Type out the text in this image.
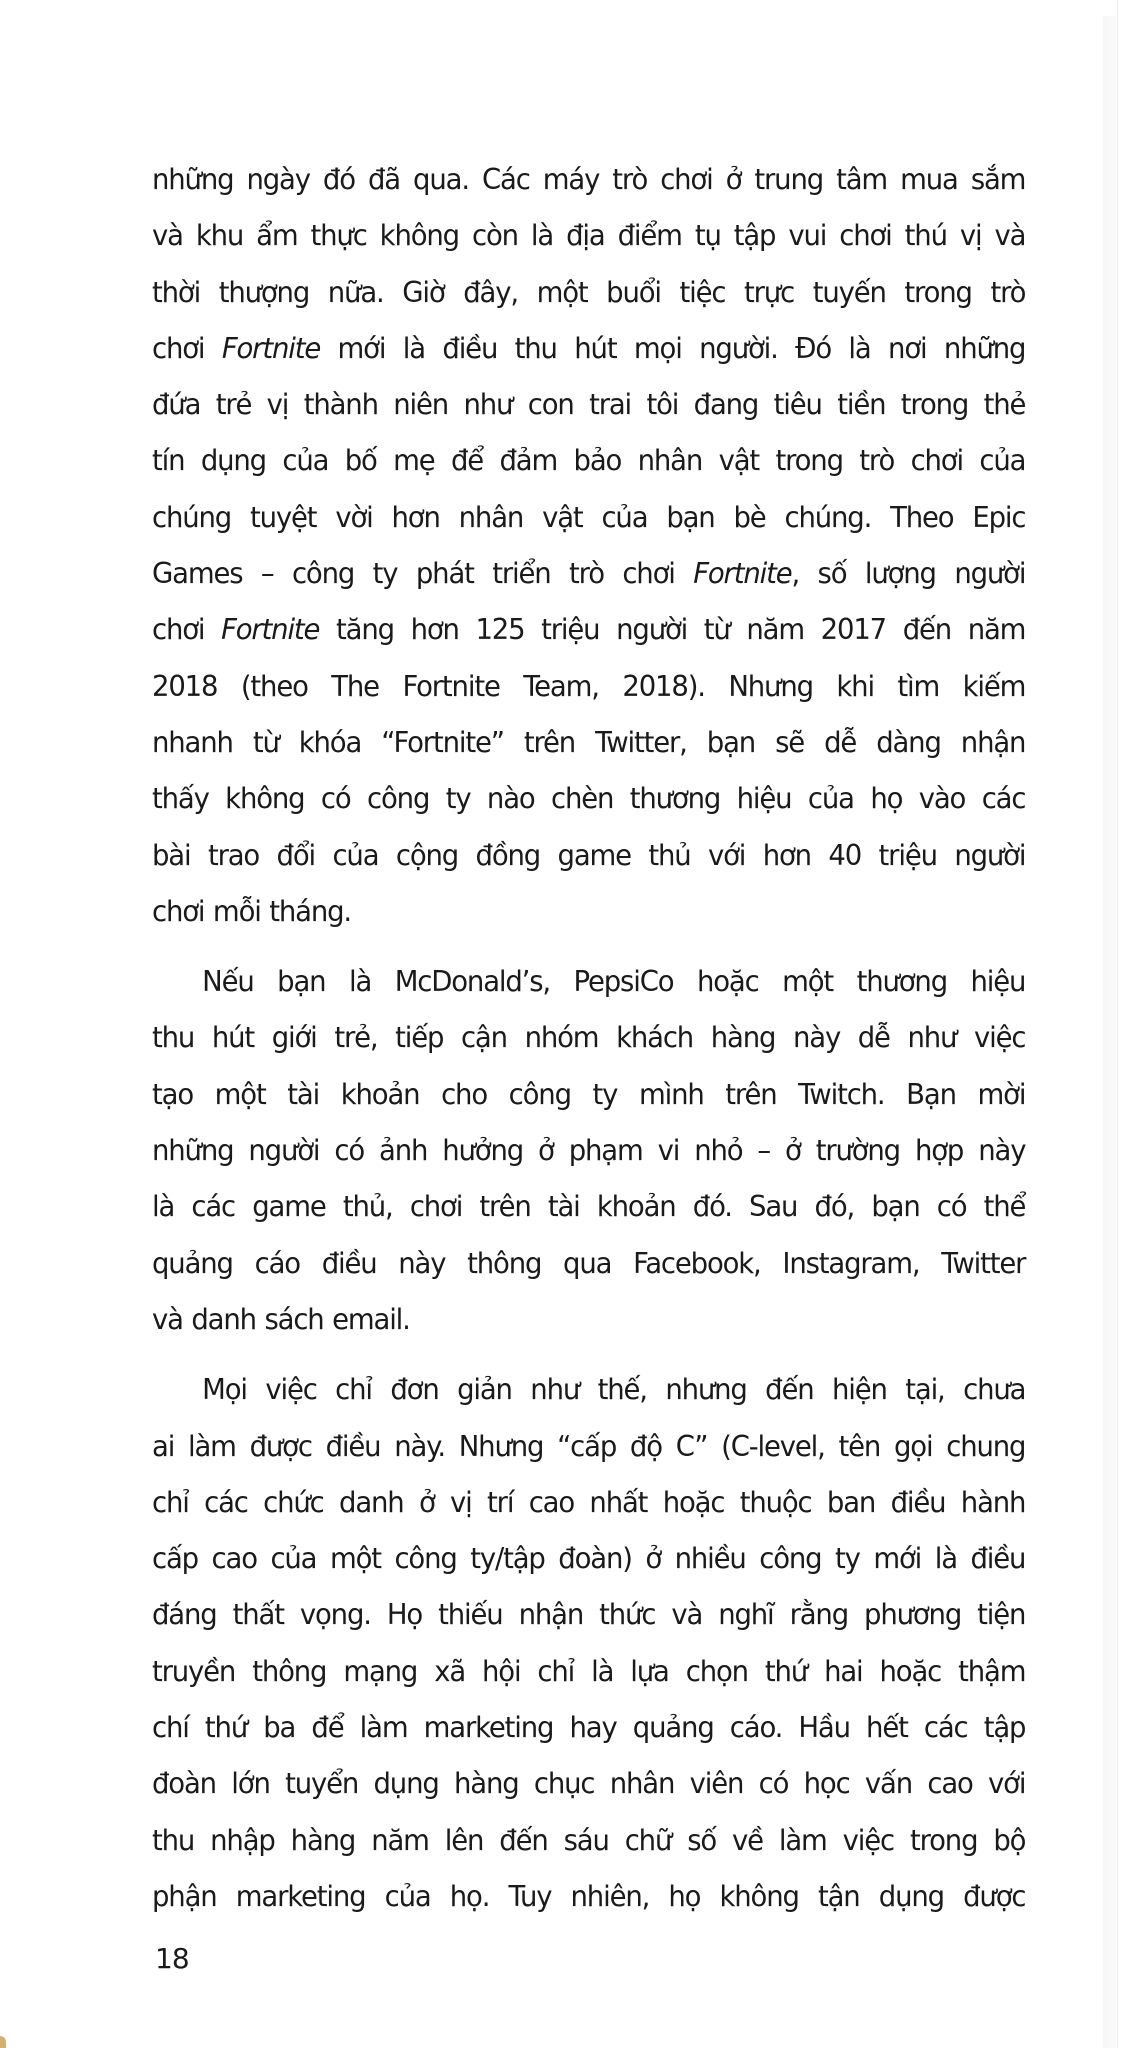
những ngày đó đã qua. Các máy trò chơi ở trung tâm mua sắm
và khu ẩm thực không còn là địa điểm tụ tập vui chơi thú vị và
thời thượng nữa. Giờ đây, một buổi tiệc trực tuyến trong trò
chơi Fortnite mới là điều thu hút mọi người. Đó là nơi những
đứa trẻ vị thành niên như con trai tôi đang tiêu tiền trong thẻ
tín dụng của bố mẹ để đảm bảo nhân vật trong trò chơi của
chúng tuyệt vời hơn nhân vật của bạn bè chúng. Theo Epic
Games – công ty phát triển trò chơi Fortnite, số lượng người
chơi Fortnite tăng hơn 125 triệu người từ năm 2017 đến năm
2018 (theo The Fortnite Team, 2018). Nhưng khi tìm kiếm
nhanh từ khóa “Fortnite” trên Twitter, bạn sẽ dễ dàng nhận
thấy không có công ty nào chèn thương hiệu của họ vào các
bài trao đổi của cộng đồng game thủ với hơn 40 triệu người
chơi mỗi tháng.

Nếu bạn là McDonald’s, PepsiCo hoặc một thương hiệu
thu hút giới trẻ, tiếp cận nhóm khách hàng này dễ như việc
tạo một tài khoản cho công ty mình trên Twitch. Bạn mời
những người có ảnh hưởng ở phạm vi nhỏ – ở trường hợp này
là các game thủ, chơi trên tài khoản đó. Sau đó, bạn có thể
quảng cáo điều này thông qua Facebook, Instagram, Twitter
và danh sách email.

Mọi việc chỉ đơn giản như thế, nhưng đến hiện tại, chưa
ai làm được điều này. Nhưng “cấp độ C” (C-level, tên gọi chung
chỉ các chức danh ở vị trí cao nhất hoặc thuộc ban điều hành
cấp cao của một công ty/tập đoàn) ở nhiều công ty mới là điều
đáng thất vọng. Họ thiếu nhận thức và nghĩ rằng phương tiện
truyền thông mạng xã hội chỉ là lựa chọn thứ hai hoặc thậm
chí thứ ba để làm marketing hay quảng cáo. Hầu hết các tập
đoàn lớn tuyển dụng hàng chục nhân viên có học vấn cao với
thu nhập hàng năm lên đến sáu chữ số về làm việc trong bộ
phận marketing của họ. Tuy nhiên, họ không tận dụng được

18
